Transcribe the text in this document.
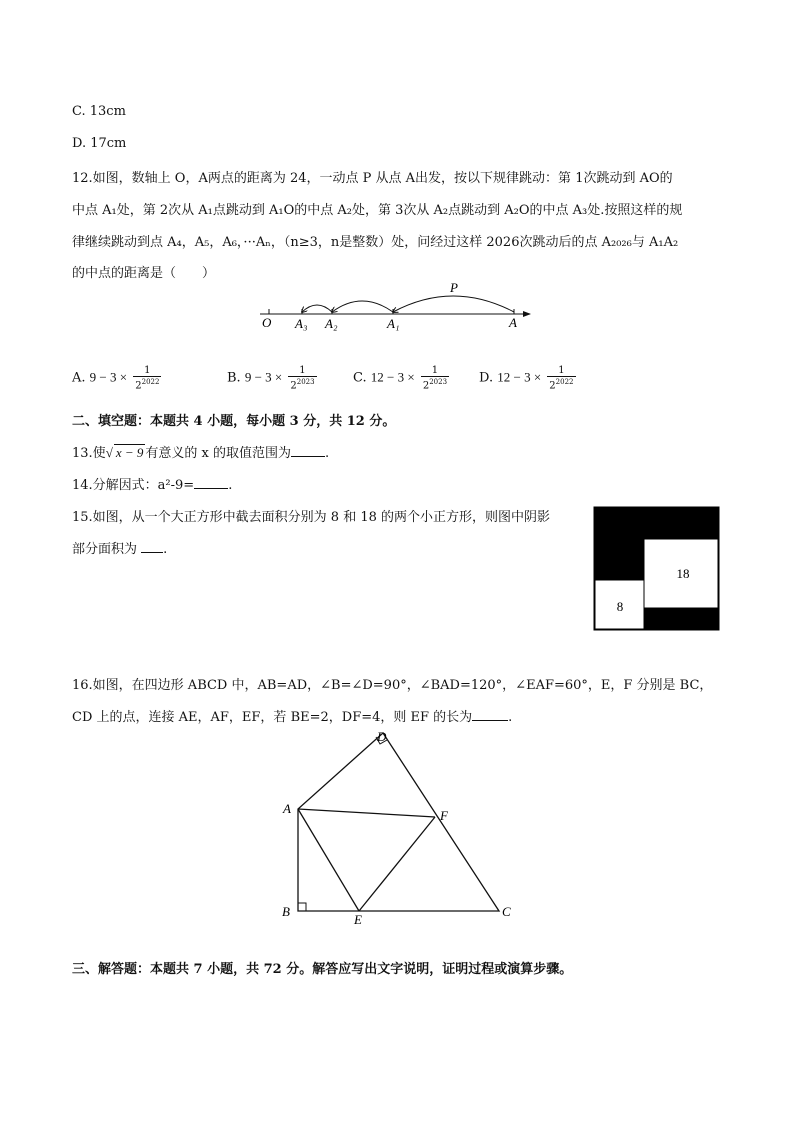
C. 13cm
D. 17cm
12.如图，数轴上 O，A两点的距离为 24，一动点 P 从点 A出发，按以下规律跳动：第 1次跳动到 AO的
中点 A₁处，第 2次从 A₁点跳动到 A₁O的中点 A₂处，第 3次从 A₂点跳动到 A₂O的中点 A₃处.按照这样的规
律继续跳动到点 A₄，A₅，A₆，···Aₙ，（n≥3，n是整数）处，问经过这样 2026次跳动后的点 A₂₀₂₆与 A₁A₂
的中点的距离是（　　）
P
O A₃ A₂	A₁	A
A. $9 - 3 \times \frac{1}{2^{2022}}$	B. $9 - 3 \times \frac{1}{2^{2023}}$	C. $12 - 3 \times \frac{1}{2^{2023}} D$. $12 - 3 \times \frac{1}{2^{2022}}$
二、填空题：本题共 4 小题，每小题 3 分，共 12 分。
13.使√ x − 9 有意义的 x 的取值范围为	.
14.分解因式：a²-9=	.
15.如图，从一个大正方形中截去面积分别为 8 和 18 的两个小正方形，则图中阴影
部分面积为 .
18
8
16.如图，在四边形 ABCD 中，AB=AD，∠B=∠D=90°，∠BAD=120°，∠EAF=60°，E，F 分别是 BC，
CD 上的点，连接 AE，AF，EF，若 BE=2，DF=4，则 EF 的长为	.
A
B	C
D
E
F
三、解答题：本题共 7 小题，共 72 分。解答应写出文字说明，证明过程或演算步骤。
